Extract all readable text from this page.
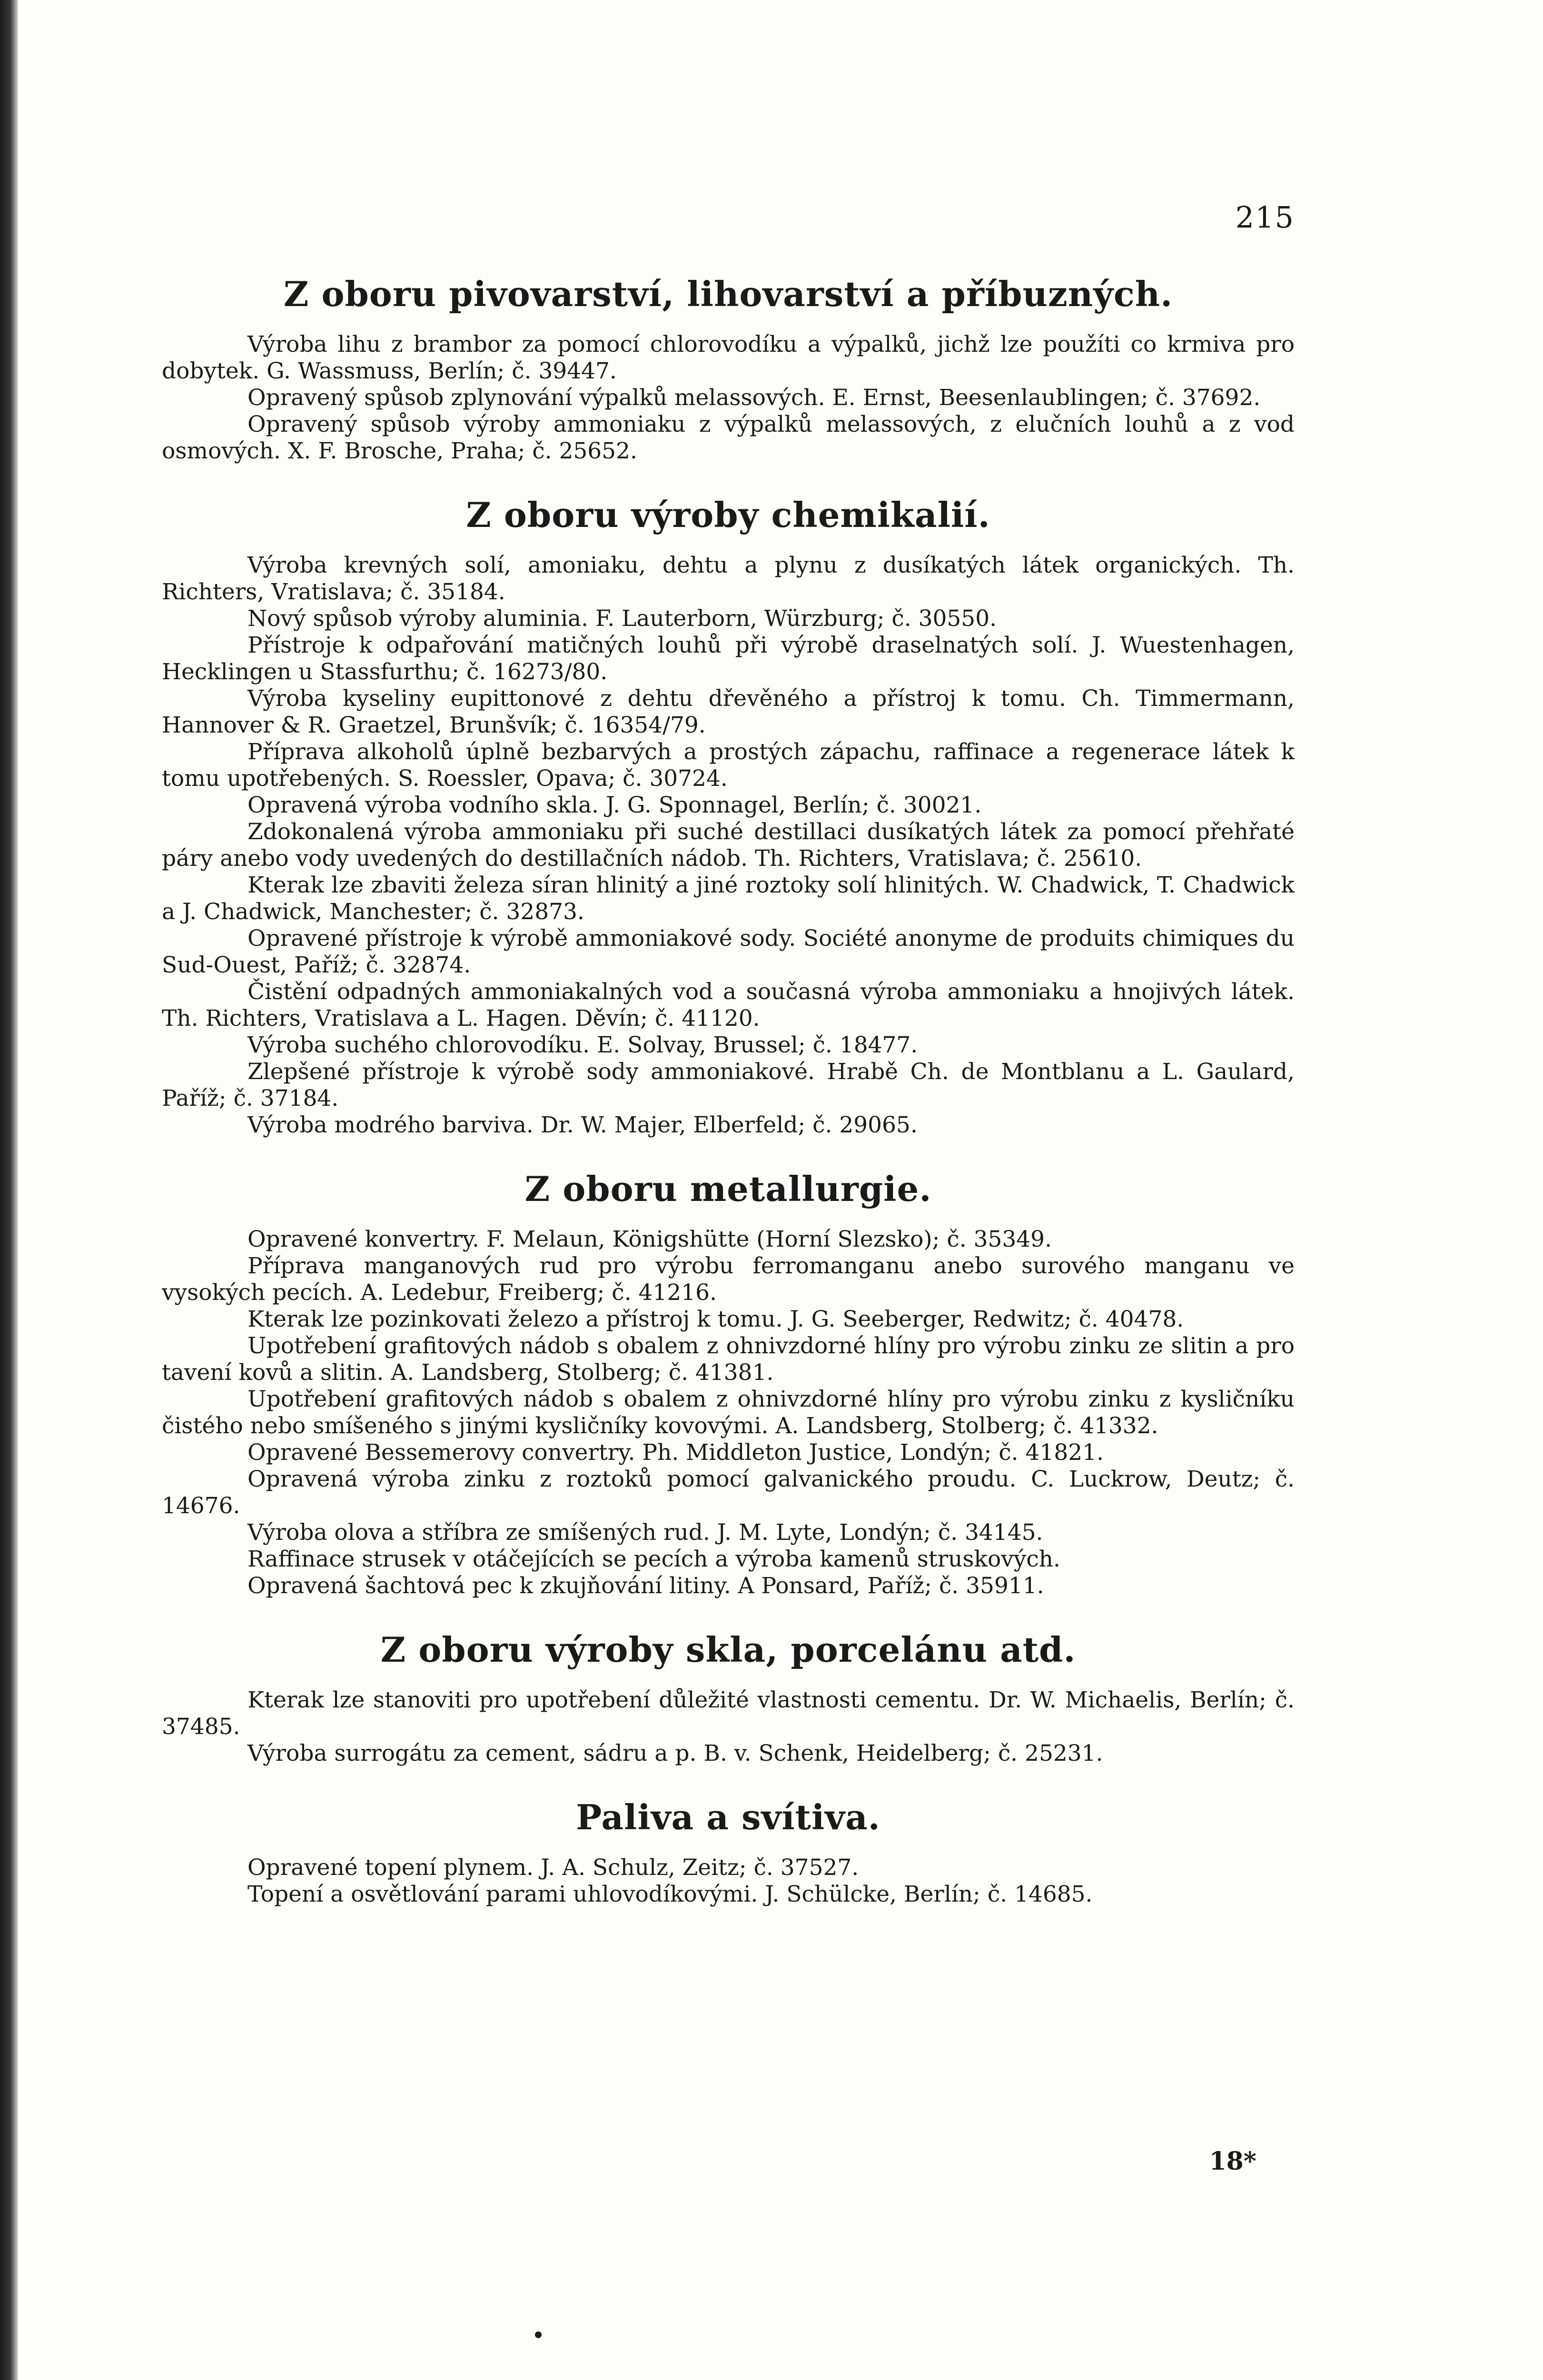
215
Z oboru pivovarství, lihovarství a příbuzných.

Výroba lihu z brambor za pomocí chlorovodíku a výpalků, jichž lze použíti co krmiva pro dobytek. G. Wassmuss, Berlín; č. 39447.

Opravený spůsob zplynování výpalků melassových. E. Ernst, Beesenlaublingen; č. 37692.

Opravený spůsob výroby ammoniaku z výpalků melassových, z elučních louhů a z vod osmových. X. F. Brosche, Praha; č. 25652.

Z oboru výroby chemikalií.

Výroba krevných solí, amoniaku, dehtu a plynu z dusíkatých látek organických. Th. Richters, Vratislava; č. 35184.

Nový spůsob výroby aluminia. F. Lauterborn, Würzburg; č. 30550.

Přístroje k odpařování matičných louhů při výrobě draselnatých solí. J. Wuestenhagen, Hecklingen u Stassfurthu; č. 16273/80.

Výroba kyseliny eupittonové z dehtu dřevěného a přístroj k tomu. Ch. Timmermann, Hannover & R. Graetzel, Brunšvík; č. 16354/79.

Příprava alkoholů úplně bezbarvých a prostých zápachu, raffinace a regenerace látek k tomu upotřebených. S. Roessler, Opava; č. 30724.

Opravená výroba vodního skla. J. G. Sponnagel, Berlín; č. 30021.

Zdokonalená výroba ammoniaku při suché destillaci dusíkatých látek za pomocí přehřaté páry anebo vody uvedených do destillačních nádob. Th. Richters, Vratislava; č. 25610.

Kterak lze zbaviti železa síran hlinitý a jiné roztoky solí hlinitých. W. Chadwick, T. Chadwick a J. Chadwick, Manchester; č. 32873.

Opravené přístroje k výrobě ammoniakové sody. Société anonyme de produits chimiques du Sud-Ouest, Paříž; č. 32874.

Čistění odpadných ammoniakalných vod a současná výroba ammoniaku a hnojivých látek. Th. Richters, Vratislava a L. Hagen. Děvín; č. 41120.

Výroba suchého chlorovodíku. E. Solvay, Brussel; č. 18477.

Zlepšené přístroje k výrobě sody ammoniakové. Hrabě Ch. de Montblanu a L. Gaulard, Paříž; č. 37184.

Výroba modrého barviva. Dr. W. Majer, Elberfeld; č. 29065.

Z oboru metallurgie.

Opravené konvertry. F. Melaun, Königshütte (Horní Slezsko); č. 35349.

Příprava manganových rud pro výrobu ferromanganu anebo surového manganu ve vysokých pecích. A. Ledebur, Freiberg; č. 41216.

Kterak lze pozinkovati železo a přístroj k tomu. J. G. Seeberger, Redwitz; č. 40478.

Upotřebení grafitových nádob s obalem z ohnivzdorné hlíny pro výrobu zinku ze slitin a pro tavení kovů a slitin. A. Landsberg, Stolberg; č. 41381.

Upotřebení grafitových nádob s obalem z ohnivzdorné hlíny pro výrobu zinku z kysličníku čistého nebo smíšeného s jinými kysličníky kovovými. A. Landsberg, Stolberg; č. 41332.

Opravené Bessemerovy convertry. Ph. Middleton Justice, Londýn; č. 41821.

Opravená výroba zinku z roztoků pomocí galvanického proudu. C. Luckrow, Deutz; č. 14676.

Výroba olova a stříbra ze smíšených rud. J. M. Lyte, Londýn; č. 34145.

Raffinace strusek v otáčejících se pecích a výroba kamenů struskových.

Opravená šachtová pec k zkujňování litiny. A Ponsard, Paříž; č. 35911.

Z oboru výroby skla, porcelánu atd.

Kterak lze stanoviti pro upotřebení důležité vlastnosti cementu. Dr. W. Michaelis, Berlín; č. 37485.

Výroba surrogátu za cement, sádru a p. B. v. Schenk, Heidelberg; č. 25231.

Paliva a svítiva.

Opravené topení plynem. J. A. Schulz, Zeitz; č. 37527.

Topení a osvětlování parami uhlovodíkovými. J. Schülcke, Berlín; č. 14685.

18*
